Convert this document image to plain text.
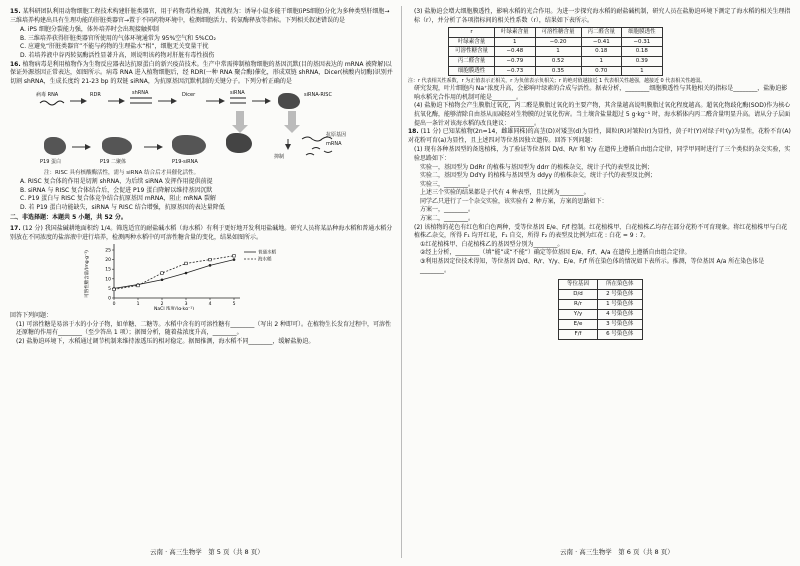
15. 某科研团队利用动物细胞工程技术构建肝脏类器官，用于药物毒性检测，其流程为：诱导小鼠多能干细胞(iPS细胞)分化为多种类型肝细胞→三维培养构建出具有生理功能的肝脏类器官→置于不同药物环境中，检测细胞活力、转氨酶释放等指标。下列相关叙述错误的是
A. iPS 细胞分裂能力强，体外培养时会出现接触抑制
B. 三维培养获得肝脏类器官所使用的气体环境通常为 95%空气和 5%CO₂
C. 应避免“肝脏类器官”不能与药物的生理盐水“相”，细胞无关变量干扰
D. 若培养液中谷丙转氨酶活性显著升高，则说明该药物对肝脏有毒性损伤
16. 植物病毒是利用植物作为生物反应器表达抗原蛋白的新兴疫苗技术。生产中常需抑制植物细胞的基因沉默(目的基因表达的 mRNA 被降解)以保证外源基因正常表达，如图所示。病毒 RNA 进入植物细胞后，经 RDR(一种 RNA 聚合酶)催化，形成双链 shRNA，Dicer(核酸内切酶)识别并切割 shRNA，生成长度约 21-23 bp 的双链 siRNA，为抗原基因沉默机制的关键分子。下列分析正确的是
病毒 RNA	RDR	shRNA	Dicer	siRNA	siRNA-RISC
P19 蛋白	P19 二聚体	P19-siRNA
抑制
抗原基因 mRNA
注：RISC 具有核酸酶活性，需与 siRNA 结合后才具催化活性。
A. RISC 复合体的作用是切割 shRNA，为后续 siRNA 发挥作用提供前提
B. siRNA 与 RISC 复合体结合后，会促进 P19 蛋白降解以维持基因沉默
C. P19 蛋白与 RISC 复合体竞争结合抗原基因 mRNA，阻止 mRNA 裂解
D. 若 P19 蛋白功能缺失，siRNA 与 RISC 结合增强，抗原基因的表达量降低
二、非选择题：本题共 5 小题，共 52 分。
17. (12 分) 我国盐碱耕地面积约 1/4。筛选适宜的耐盐碱水稻（海水稻）有利于更好地开发利用盐碱地。研究人员将某品种海水稻和普通水稻分别放在不同浓度的盐溶液中进行培养，检测两种水稻中的可溶性糖含量的变化，结果如图所示。
0
5
10
15
20
25
0	1	2	3	4	5
NaCl 浓度/(g·kg⁻¹)
可溶性糖含量/(mg·g⁻¹)	普通水稻
海水稻
回答下列问题：
(1) 可溶性糖是易溶于水的小分子物，如单糖、二糖等。水稻中含有的可溶性糖有________（写出 2 种即可）。在植物生长发育过程中，可溶性还原糖的作用有________（至少答出 1 项）；据图分析，随着盐浓度升高，________。
(2) 盐胁迫环境下，水稻通过调节机制来维持渗透压的相对稳定。据图推测，海水稻不同________，缓解盐胁迫。
云南 · 高三生物学　第 5 页（共 8 页）
(3) 盐胁迫会增大细胞膜透性，影响水稻的光合作用。为进一步探究海水稻的耐盐碱机制，研究人员在盐胁迫环境下测定了海水稻的相关生理指标（r），并分析了各项指标间的相关性系数（r），结果如下表所示。
r	叶绿素含量	可溶性糖含量	丙二醛含量	细胞膜透性
叶绿素含量	1	−0.20	−0.41	−0.31
可溶性糖含量	−0.48	1	0.18	0.18
丙二醛含量	−0.79	0.52	1	0.39
细胞膜透性	−0.73	0.35	0.70	1
注：r 代表相关性系数，r 为正值表示正相关，r 为负值表示负相关；r 的绝对值越接近 1 代表相关性越强，越接近 0 代表相关性越弱。
研究发现，叶片细胞内 Na⁺浓度升高，会影响叶绿素的合成与活性。据表分析，________细胞膜透性与其他相关的指标是________，盐胁迫影响水稻光合作用的机制可能是________。
(4) 盐胁迫下植物会产生膜脂过氧化，丙二醛是膜脂过氧化的主要产物，其含量越高说明膜脂过氧化程度越高。超氧化物歧化酶(SOD)作为核心抗氧化酶，能够清除自由基从而减轻对生物膜的过氧化伤害。当土壤含盐量超过 5 g·kg⁻¹ 时，海水稻体内丙二醛含量明显升高。请从分子层面提出一条针对该海水稻的改良建议：________。
18. (11 分) 已知某植物(2n=14，雌雄同株)的高茎(D)对矮茎(d)为显性，圆粒(R)对皱粒(r)为显性，黄子叶(Y)对绿子叶(y)为显性，花粉不育(A)对花粉可育(a)为显性，且上述四对等位基因独立遗传。回答下列问题：
(1) 现有各种基因型的备选植株，为了验证等位基因 D/d、R/r 和 Y/y 在遗传上遵循自由组合定律，同学甲同时进行了三个类似的杂交实验，实验思路如下：
实验一，基因型为 DdRr 的植株与基因型为 ddrr 的植株杂交，统计子代的表型及比例；
实验二，基因型为 DdYy 的植株与基因型为 ddyy 的植株杂交，统计子代的表型及比例；
实验三，________。
上述三个实验的结果都是子代有 4 种表型，且比例为________。
同学乙只进行了一个杂交实验，该实验有 2 种方案，方案的思路如下：
方案一，________。
方案二，________。
(2) 该植物的花色有红色和白色两种，受等位基因 E/e、F/f 控制。红花植株甲、白花植株乙均存在部分花粉不可育现象。将红花植株甲与白花植株乙杂交，所得 F₁ 均开红花，F₁ 自交，所得 F₂ 的表型及比例为红花 : 白花 = 9 : 7。
①红花植株甲、白花植株乙的基因型分别为________。
②经上分析，________（填“能”或“不能”）确定等位基因 E/e、F/f、A/a 在遗传上遵循自由组合定律。
③利用基因定位技术得知，等位基因 D/d、R/r、Y/y、E/e、F/f 所在染色体的情况如下表所示。推测，等位基因 A/a 所在染色体是________。
等位基因	所在染色体
D/d	2 号染色体
R/r	1 号染色体
Y/y	4 号染色体
E/e	3 号染色体
F/f	6 号染色体
云南 · 高三生物学　第 6 页（共 8 页）
